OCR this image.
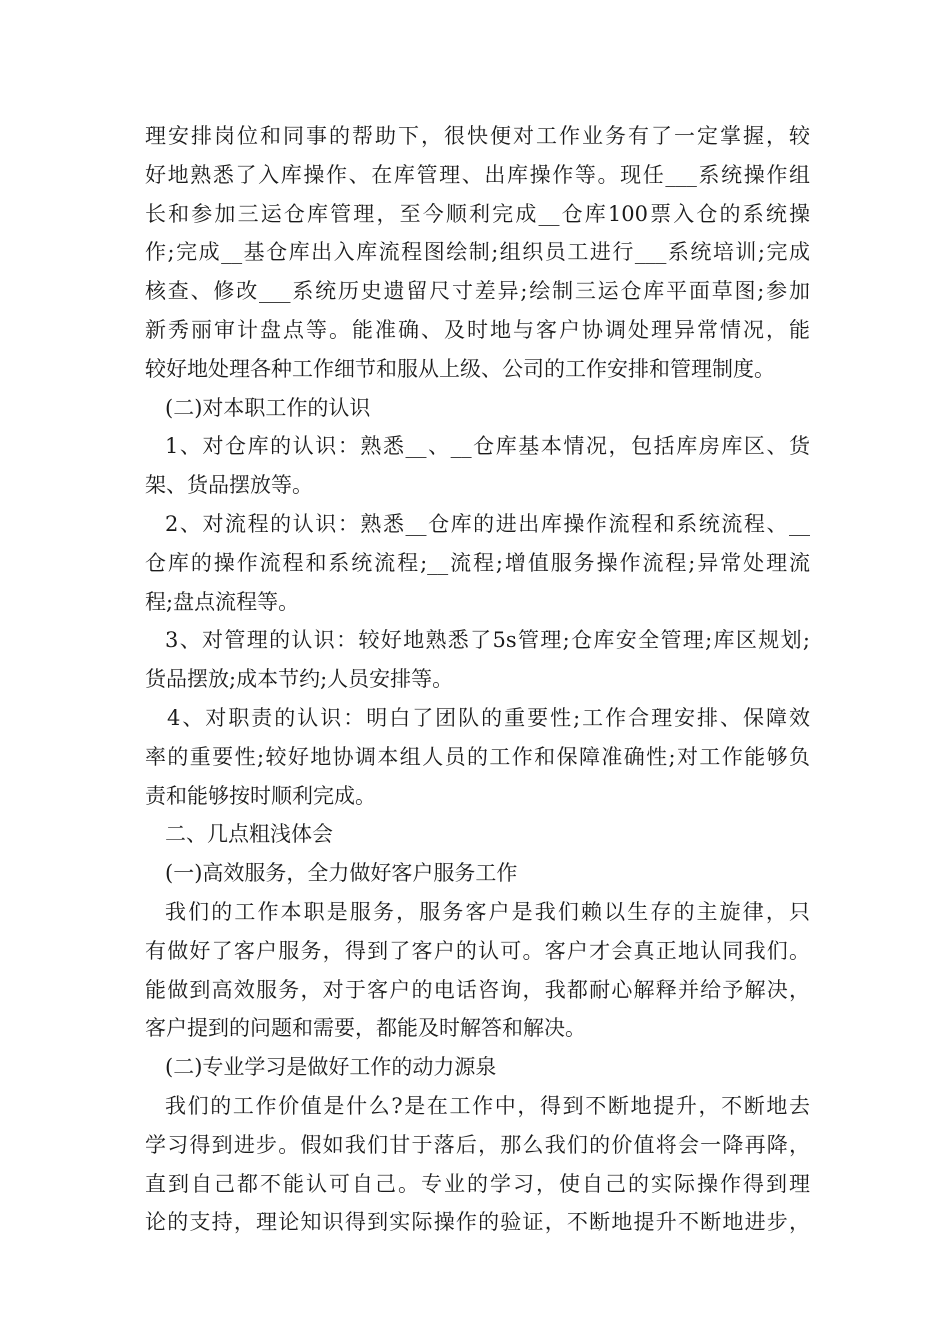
理安排岗位和同事的帮助下，很快便对工作业务有了一定掌握，较
好地熟悉了入库操作、在库管理、出库操作等。现任___系统操作组
长和参加三运仓库管理，至今顺利完成__仓库100票入仓的系统操
作;完成__基仓库出入库流程图绘制;组织员工进行___系统培训;完成
核查、修改___系统历史遗留尺寸差异;绘制三运仓库平面草图;参加
新秀丽审计盘点等。能准确、及时地与客户协调处理异常情况，能
较好地处理各种工作细节和服从上级、公司的工作安排和管理制度。
(二)对本职工作的认识
1、对仓库的认识：熟悉__、__仓库基本情况，包括库房库区、货
架、货品摆放等。
2、对流程的认识：熟悉__仓库的进出库操作流程和系统流程、__
仓库的操作流程和系统流程;__流程;增值服务操作流程;异常处理流
程;盘点流程等。
3、对管理的认识：较好地熟悉了5s管理;仓库安全管理;库区规划;
货品摆放;成本节约;人员安排等。
4、对职责的认识：明白了团队的重要性;工作合理安排、保障效
率的重要性;较好地协调本组人员的工作和保障准确性;对工作能够负
责和能够按时顺利完成。
二、几点粗浅体会
(一)高效服务，全力做好客户服务工作
我们的工作本职是服务，服务客户是我们赖以生存的主旋律，只
有做好了客户服务，得到了客户的认可。客户才会真正地认同我们。
能做到高效服务，对于客户的电话咨询，我都耐心解释并给予解决，
客户提到的问题和需要，都能及时解答和解决。
(二)专业学习是做好工作的动力源泉
我们的工作价值是什么?是在工作中，得到不断地提升，不断地去
学习得到进步。假如我们甘于落后，那么我们的价值将会一降再降，
直到自己都不能认可自己。专业的学习，使自己的实际操作得到理
论的支持，理论知识得到实际操作的验证，不断地提升不断地进步，
